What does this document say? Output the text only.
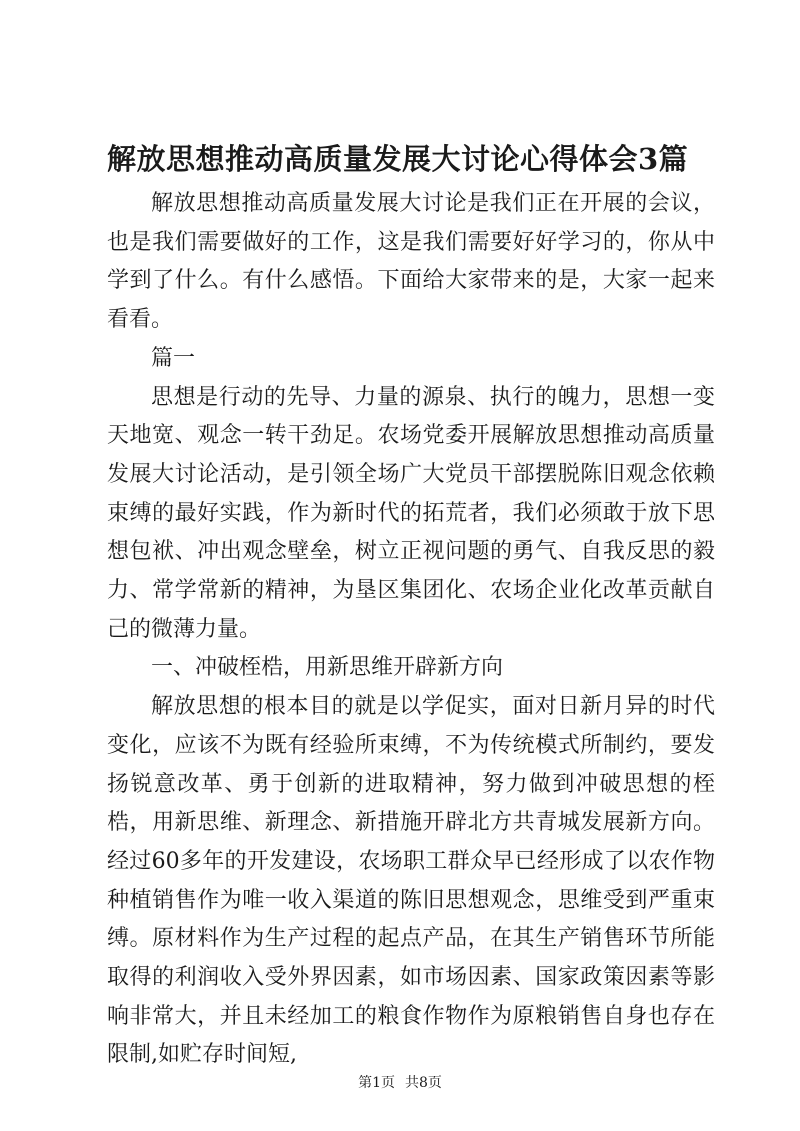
解放思想推动高质量发展大讨论心得体会3篇

解放思想推动高质量发展大讨论是我们正在开展的会议，也是我们需要做好的工作，这是我们需要好好学习的，你从中学到了什么。有什么感悟。下面给大家带来的是，大家一起来看看。

篇一

思想是行动的先导、力量的源泉、执行的魄力，思想一变天地宽、观念一转干劲足。农场党委开展解放思想推动高质量发展大讨论活动，是引领全场广大党员干部摆脱陈旧观念依赖束缚的最好实践，作为新时代的拓荒者，我们必须敢于放下思想包袱、冲出观念壁垒，树立正视问题的勇气、自我反思的毅力、常学常新的精神，为垦区集团化、农场企业化改革贡献自己的微薄力量。

一、冲破桎梏，用新思维开辟新方向

解放思想的根本目的就是以学促实，面对日新月异的时代变化，应该不为既有经验所束缚，不为传统模式所制约，要发扬锐意改革、勇于创新的进取精神，努力做到冲破思想的桎梏，用新思维、新理念、新措施开辟北方共青城发展新方向。经过60多年的开发建设，农场职工群众早已经形成了以农作物种植销售作为唯一收入渠道的陈旧思想观念，思维受到严重束缚。原材料作为生产过程的起点产品，在其生产销售环节所能取得的利润收入受外界因素，如市场因素、国家政策因素等影响非常大，并且未经加工的粮食作物作为原粮销售自身也存在限制,如贮存时间短,

第1页 共8页
